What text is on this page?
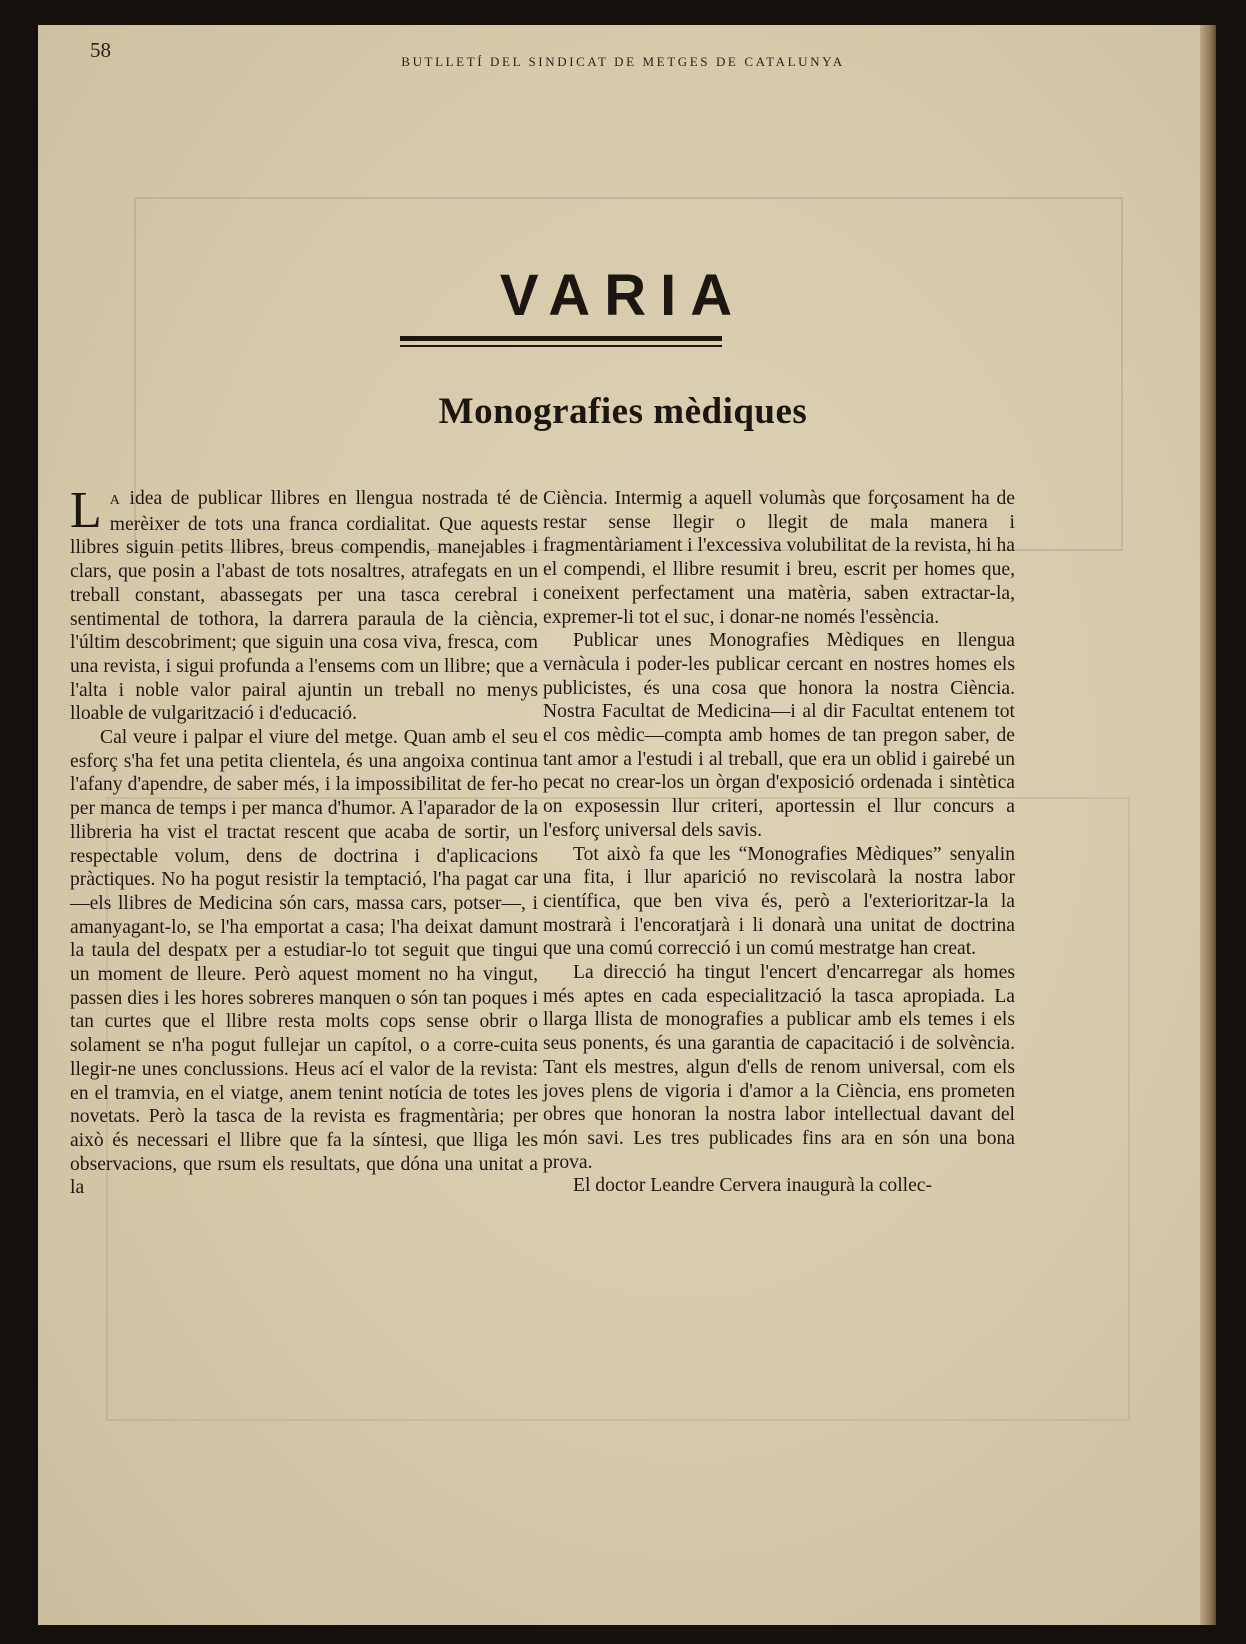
58	BUTLLETÍ DEL SINDICAT DE METGES DE CATALUNYA
VARIA
Monografies mèdiques

L A idea de publicar llibres en llengua nostrada té de merèixer de tots una franca cordialitat. Que aquests llibres siguin petits llibres, breus compendis, manejables i clars, que posin a l'abast de tots nosaltres, atrafegats en un treball constant, abassegats per una tasca cerebral i sentimental de tothora, la darrera paraula de la ciència, l'últim descobriment; que siguin una cosa viva, fresca, com una revista, i sigui profunda a l'ensems com un llibre; que a l'alta i noble valor pairal ajuntin un treball no menys lloable de vulgarització i d'educació.

Cal veure i palpar el viure del metge. Quan amb el seu esforç s'ha fet una petita clientela, és una angoixa continua l'afany d'apendre, de saber més, i la impossibilitat de fer-ho per manca de temps i per manca d'humor. A l'aparador de la llibreria ha vist el tractat rescent que acaba de sortir, un respectable volum, dens de doctrina i d'aplicacions pràctiques. No ha pogut resistir la temptació, l'ha pagat car—els llibres de Medicina són cars, massa cars, potser—, i amanyagant-lo, se l'ha emportat a casa; l'ha deixat damunt la taula del despatx per a estudiar-lo tot seguit que tingui un moment de lleure. Però aquest moment no ha vingut, passen dies i les hores sobreres manquen o són tan poques i tan curtes que el llibre resta molts cops sense obrir o solament se n'ha pogut fullejar un capítol, o a corre-cuita llegir-ne unes conclussions. Heus ací el valor de la revista: en el tramvia, en el viatge, anem tenint notícia de totes les novetats. Però la tasca de la revista es fragmentària; per això és necessari el llibre que fa la síntesi, que lliga les observacions, que rsum els resultats, que dóna una unitat a la

Ciència. Intermig a aquell volumàs que forçosament ha de restar sense llegir o llegit de mala manera i fragmentàriament i l'excessiva volubilitat de la revista, hi ha el compendi, el llibre resumit i breu, escrit per homes que, coneixent perfectament una matèria, saben extractar-la, expremer-li tot el suc, i donar-ne només l'essència.

Publicar unes Monografies Mèdiques en llengua vernàcula i poder-les publicar cercant en nostres homes els publicistes, és una cosa que honora la nostra Ciència. Nostra Facultat de Medicina—i al dir Facultat entenem tot el cos mèdic—compta amb homes de tan pregon saber, de tant amor a l'estudi i al treball, que era un oblid i gairebé un pecat no crear-los un òrgan d'exposició ordenada i sintètica on exposessin llur criteri, aportessin el llur concurs a l'esforç universal dels savis.

Tot això fa que les “Monografies Mèdiques” senyalin una fita, i llur aparició no reviscolarà la nostra labor científica, que ben viva és, però a l'exterioritzar-la la mostrarà i l'encoratjarà i li donarà una unitat de doctrina que una comú correcció i un comú mestratge han creat.

La direcció ha tingut l'encert d'encarregar als homes més aptes en cada especialització la tasca apropiada. La llarga llista de monografies a publicar amb els temes i els seus ponents, és una garantia de capacitació i de solvència. Tant els mestres, algun d'ells de renom universal, com els joves plens de vigoria i d'amor a la Ciència, ens prometen obres que honoran la nostra labor intellectual davant del món savi. Les tres publicades fins ara en són una bona prova.

El doctor Leandre Cervera inaugurà la collec-
